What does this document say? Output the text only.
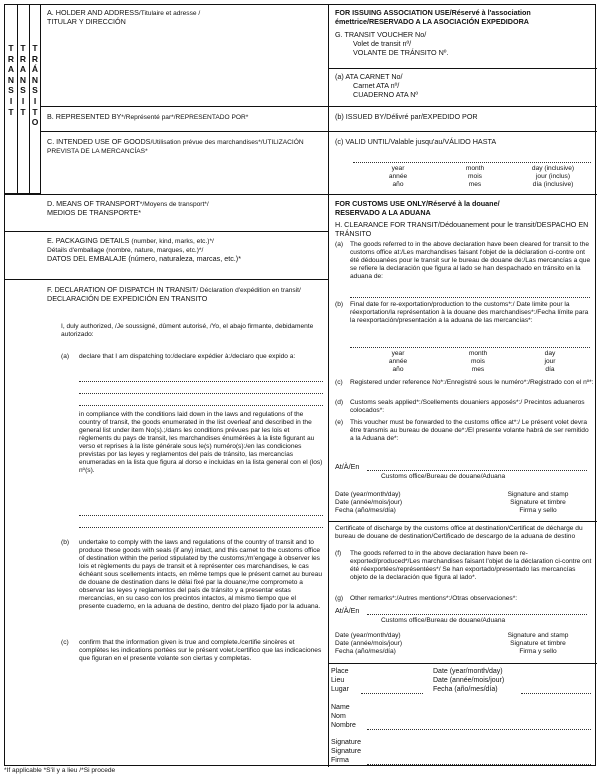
T
R
A
N
S
I
T
T
R
A
N
S
I
T
T
R
Á
N
S
I
T
O
A. HOLDER AND ADDRESS/Titulaire et adresse /
TITULAR Y DIRECCIÓN
B. REPRESENTED BY*/Représenté par*/REPRESENTADO POR*
C. INTENDED USE OF GOODS/Utilisation prévue des marchandises*/UTILIZACIÓN PREVISTA DE LA MERCANCÍAS*
D. MEANS OF TRANSPORT*/Moyens de transport*/
MEDIOS DE TRANSPORTE*
E. PACKAGING DETAILS (number, kind, marks, etc.)*/
Détails d'emballage (nombre, nature, marques, etc.)*/
DATOS DEL EMBALAJE (número, naturaleza, marcas, etc.)*
F. DECLARATION OF DISPATCH IN TRANSIT/ Déclaration d'expédition en transit/
DECLARACIÓN DE EXPEDICIÓN EN TRANSITO
I, duly authorized, /Je soussigné, dûment autorisé, /Yo, el abajo firmante, debidamente autorizado:
(a) declare that I am dispatching to:/declare expédier à:/declaro que expido a:
in compliance with the conditions laid down in the laws and regulations of the country of transit, the goods enumerated in the list overleaf and described in the general list under item No(s).;/dans les conditions prévues par les lois et règlements du pays de transit, les marchandises énumérées à la liste figurant au verso et reprises à la liste générale sous le(s) numéro(s):/en las condiciones previstas por las leyes y reglamentos del país de tránsito, las mercancías enumeradas en la lista que figura al dorso e incluidas en la lista general con el (los) nº(s).
(b) undertake to comply with the laws and regulations of the country of transit and to produce these goods with seals (if any) intact, and this carnet to the customs office of destination within the period stipulated by the customs;/m'engage à observer les lois et règlements du pays de transit et à représenter ces marchandises, le cas échéant sous scellements intacts, en même temps que le présent carnet au bureau de douane de destination dans le délai fixé par la douane;/me comprometo a observar las leyes y reglamentos del país de tránsito y a presentar estas mercancías, en su caso con los precintos intactos, al mismo tiempo que el presente cuaderno, en la aduana de destino, dentro del plazo fijado por la aduana.
(c) confirm that the information given is true and complete./certifie sincères et complètes les indications portées sur le présent volet./certifico que las indicaciones que figuran en el presente volante son ciertas y completas.
FOR ISSUING ASSOCIATION USE/Réservé à l'association émettrice/RESERVADO A LA ASOCIACIÓN EXPEDIDORA
G. TRANSIT VOUCHER No/
Volet de transit nº/
VOLANTE DE TRÁNSITO Nº.
(a) ATA CARNET No/
Carnet ATA nº/
CUADERNO ATA Nº
(b) ISSUED BY/Délivré par/EXPEDIDO POR
(c) VALID UNTIL/Valable jusqu'au/VÁLIDO HASTA
year
année
año
month
mois
mes
day (inclusive)
jour (inclus)
día (inclusive)
FOR CUSTOMS USE ONLY/Réservé à la douane/
RESERVADO A LA ADUANA
H. CLEARANCE FOR TRANSIT/Dédouanement pour le transit/DESPACHO EN TRÁNSITO
(a) The goods referred to in the above declaration have been cleared for transit to the customs office at:/Les marchandises faisant l'objet de la déclaration ci-contre ont été dédouanées pour le transit sur le bureau de douane de:/Las mercancías a que se refiere la declaración que figura al lado se han despachado en tránsito en la aduana de:
(b) Final date for re-exportation/production to the customs*:/ Date limite pour la réexportation/la représentation à la douane des marchandises*:/Fecha límite para la reexportación/presentación a la aduana de las mercancías*:
year
année
año
month
mois
mes
day
jour
día
(c) Registered under reference No*:/Enregistré sous le numéro*:/Registrado con el nº*:
(d) Customs seals applied*:/Scellements douaniers apposés*:/ Precintos aduaneros colocados*:
(e) This voucher must be forwarded to the customs office at*:/ Le présent volet devra être transmis au bureau de douane de*:/El presente volante habrá de ser remitido a la Aduana de*:
At/À/En
Customs office/Bureau de douane/Aduana
Date (year/month/day)
Date (année/mois/jour)
Fecha (año/mes/día)
Signature and stamp
Signature et timbre
Firma y sello
Certificate of discharge by the customs office at destination/Certificat de décharge du bureau de douane de destination/Certificado de descargo de la aduana de destino
(f) The goods referred to in the above declaration have been re-exported/produced*/Les marchandises faisant l'objet de la déclaration ci-contre ont été réexportées/représentées*/ Se han exportado/presentado las mercancías objeto de la declaración que figura al lado*.
(g) Other remarks*:/Autres mentions*:/Otras observaciones*:
At/À/En
Customs office/Bureau de douane/Aduana
Date (year/month/day)
Date (année/mois/jour)
Fecha (año/mes/día)
Signature and stamp
Signature et timbre
Firma y sello
Place
Lieu
Lugar
Date (year/month/day)
Date (année/mois/jour)
Fecha (año/mes/día)
Name
Nom
Nombre
Signature
Signature
Firma
*If applicable *S'il y a lieu /*Si procede
